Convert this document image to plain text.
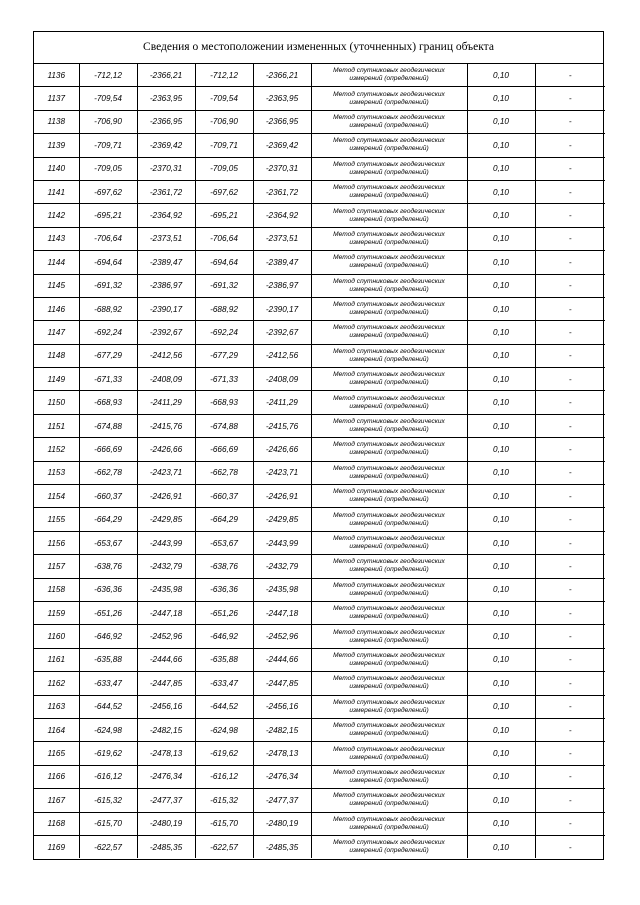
Сведения о местоположении измененных (уточненных) границ объекта
1136	-712,12	-2366,21	-712,12	-2366,21	Метод спутниковых геодезических
измерений (определений)	0,10	-
1137	-709,54	-2363,95	-709,54	-2363,95	Метод спутниковых геодезических
измерений (определений)	0,10	-
1138	-706,90	-2366,95	-706,90	-2366,95	Метод спутниковых геодезических
измерений (определений)	0,10	-
1139	-709,71	-2369,42	-709,71	-2369,42	Метод спутниковых геодезических
измерений (определений)	0,10	-
1140	-709,05	-2370,31	-709,05	-2370,31	Метод спутниковых геодезических
измерений (определений)	0,10	-
1141	-697,62	-2361,72	-697,62	-2361,72	Метод спутниковых геодезических
измерений (определений)	0,10	-
1142	-695,21	-2364,92	-695,21	-2364,92	Метод спутниковых геодезических
измерений (определений)	0,10	-
1143	-706,64	-2373,51	-706,64	-2373,51	Метод спутниковых геодезических
измерений (определений)	0,10	-
1144	-694,64	-2389,47	-694,64	-2389,47	Метод спутниковых геодезических
измерений (определений)	0,10	-
1145	-691,32	-2386,97	-691,32	-2386,97	Метод спутниковых геодезических
измерений (определений)	0,10	-
1146	-688,92	-2390,17	-688,92	-2390,17	Метод спутниковых геодезических
измерений (определений)	0,10	-
1147	-692,24	-2392,67	-692,24	-2392,67	Метод спутниковых геодезических
измерений (определений)	0,10	-
1148	-677,29	-2412,56	-677,29	-2412,56	Метод спутниковых геодезических
измерений (определений)	0,10	-
1149	-671,33	-2408,09	-671,33	-2408,09	Метод спутниковых геодезических
измерений (определений)	0,10	-
1150	-668,93	-2411,29	-668,93	-2411,29	Метод спутниковых геодезических
измерений (определений)	0,10	-
1151	-674,88	-2415,76	-674,88	-2415,76	Метод спутниковых геодезических
измерений (определений)	0,10	-
1152	-666,69	-2426,66	-666,69	-2426,66	Метод спутниковых геодезических
измерений (определений)	0,10	-
1153	-662,78	-2423,71	-662,78	-2423,71	Метод спутниковых геодезических
измерений (определений)	0,10	-
1154	-660,37	-2426,91	-660,37	-2426,91	Метод спутниковых геодезических
измерений (определений)	0,10	-
1155	-664,29	-2429,85	-664,29	-2429,85	Метод спутниковых геодезических
измерений (определений)	0,10	-
1156	-653,67	-2443,99	-653,67	-2443,99	Метод спутниковых геодезических
измерений (определений)	0,10	-
1157	-638,76	-2432,79	-638,76	-2432,79	Метод спутниковых геодезических
измерений (определений)	0,10	-
1158	-636,36	-2435,98	-636,36	-2435,98	Метод спутниковых геодезических
измерений (определений)	0,10	-
1159	-651,26	-2447,18	-651,26	-2447,18	Метод спутниковых геодезических
измерений (определений)	0,10	-
1160	-646,92	-2452,96	-646,92	-2452,96	Метод спутниковых геодезических
измерений (определений)	0,10	-
1161	-635,88	-2444,66	-635,88	-2444,66	Метод спутниковых геодезических
измерений (определений)	0,10	-
1162	-633,47	-2447,85	-633,47	-2447,85	Метод спутниковых геодезических
измерений (определений)	0,10	-
1163	-644,52	-2456,16	-644,52	-2456,16	Метод спутниковых геодезических
измерений (определений)	0,10	-
1164	-624,98	-2482,15	-624,98	-2482,15	Метод спутниковых геодезических
измерений (определений)	0,10	-
1165	-619,62	-2478,13	-619,62	-2478,13	Метод спутниковых геодезических
измерений (определений)	0,10	-
1166	-616,12	-2476,34	-616,12	-2476,34	Метод спутниковых геодезических
измерений (определений)	0,10	-
1167	-615,32	-2477,37	-615,32	-2477,37	Метод спутниковых геодезических
измерений (определений)	0,10	-
1168	-615,70	-2480,19	-615,70	-2480,19	Метод спутниковых геодезических
измерений (определений)	0,10	-
1169	-622,57	-2485,35	-622,57	-2485,35	Метод спутниковых геодезических
измерений (определений)	0,10	-
